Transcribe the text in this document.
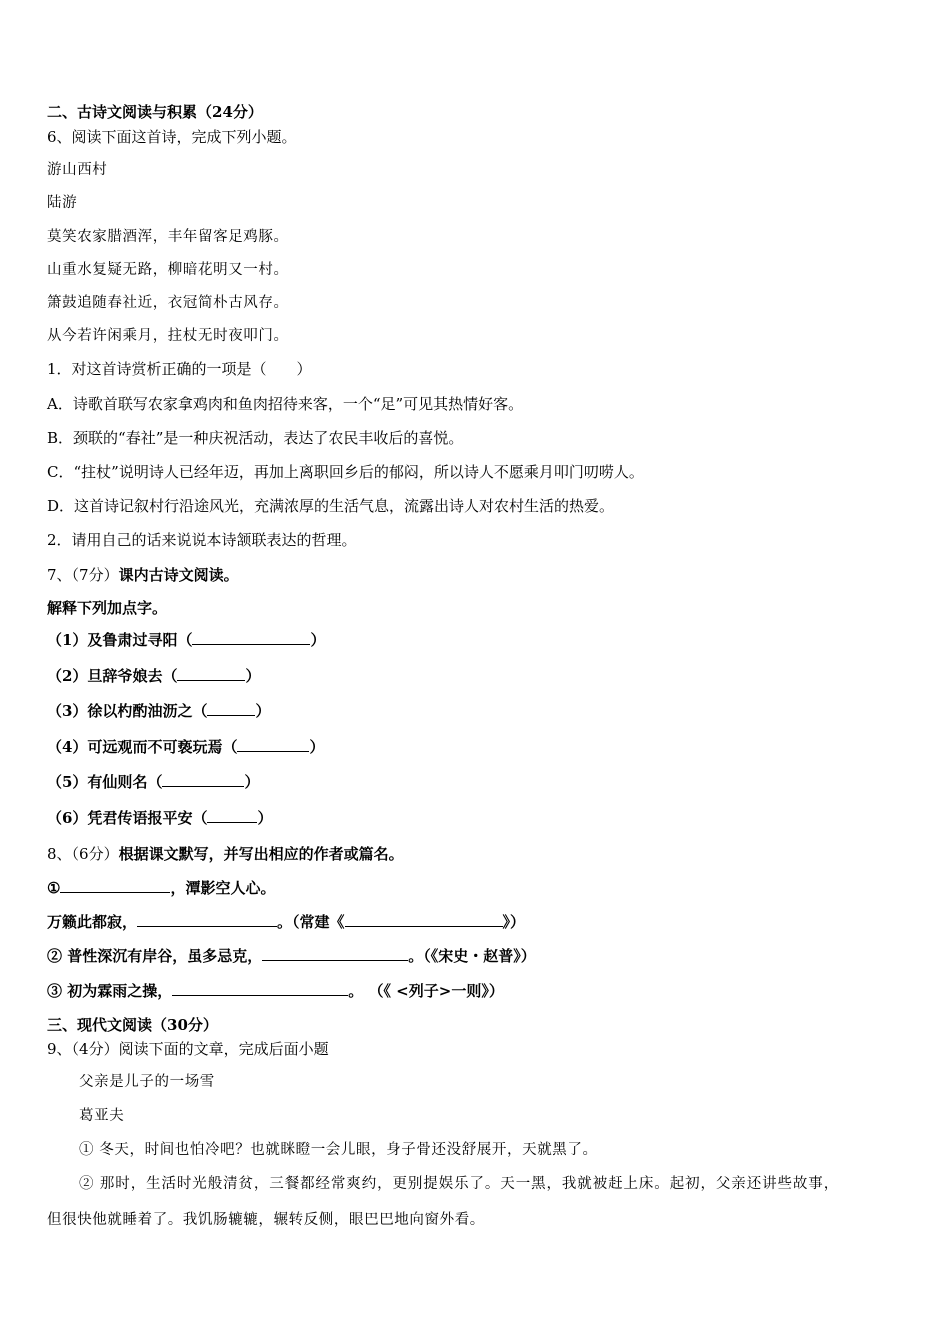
二、古诗文阅读与积累（24分）
6、阅读下面这首诗，完成下列小题。
游山西村
陆游
莫笑农家腊酒浑，丰年留客足鸡豚。
山重水复疑无路，柳暗花明又一村。
箫鼓追随春社近，衣冠简朴古风存。
从今若许闲乘月，拄杖无时夜叩门。
1．对这首诗赏析正确的一项是（　　）
A．诗歌首联写农家拿鸡肉和鱼肉招待来客，一个“足”可见其热情好客。
B．颈联的“春社”是一种庆祝活动，表达了农民丰收后的喜悦。
C．“拄杖”说明诗人已经年迈，再加上离职回乡后的郁闷，所以诗人不愿乘月叩门叨唠人。
D．这首诗记叙村行沿途风光，充满浓厚的生活气息，流露出诗人对农村生活的热爱。
2．请用自己的话来说说本诗颔联表达的哲理。
7、（7分）课内古诗文阅读。
解释下列加点字。
（1）及鲁肃过寻阳（	）
（2）旦辞爷娘去（	）
（3）徐以杓酌油沥之（	）
（4）可远观而不可亵玩焉（	）
（5）有仙则名（	）
（6）凭君传语报平安（	）
8、（6分）根据课文默写，并写出相应的作者或篇名。
①	，潭影空人心。
万籁此都寂，	。（常建《	》）
② 普性深沉有岸谷，虽多忌克，	。（《宋史・赵普》）
③ 初为霖雨之操，	。 （《 <列子>一则》）
三、现代文阅读（30分）
9、（4分）阅读下面的文章，完成后面小题
父亲是儿子的一场雪
葛亚夫
① 冬天，时间也怕冷吧？也就眯瞪一会儿眼，身子骨还没舒展开，天就黑了。
② 那时，生活时光般清贫，三餐都经常爽约，更别提娱乐了。天一黑，我就被赶上床。起初，父亲还讲些故事，
但很快他就睡着了。我饥肠辘辘，辗转反侧，眼巴巴地向窗外看。
